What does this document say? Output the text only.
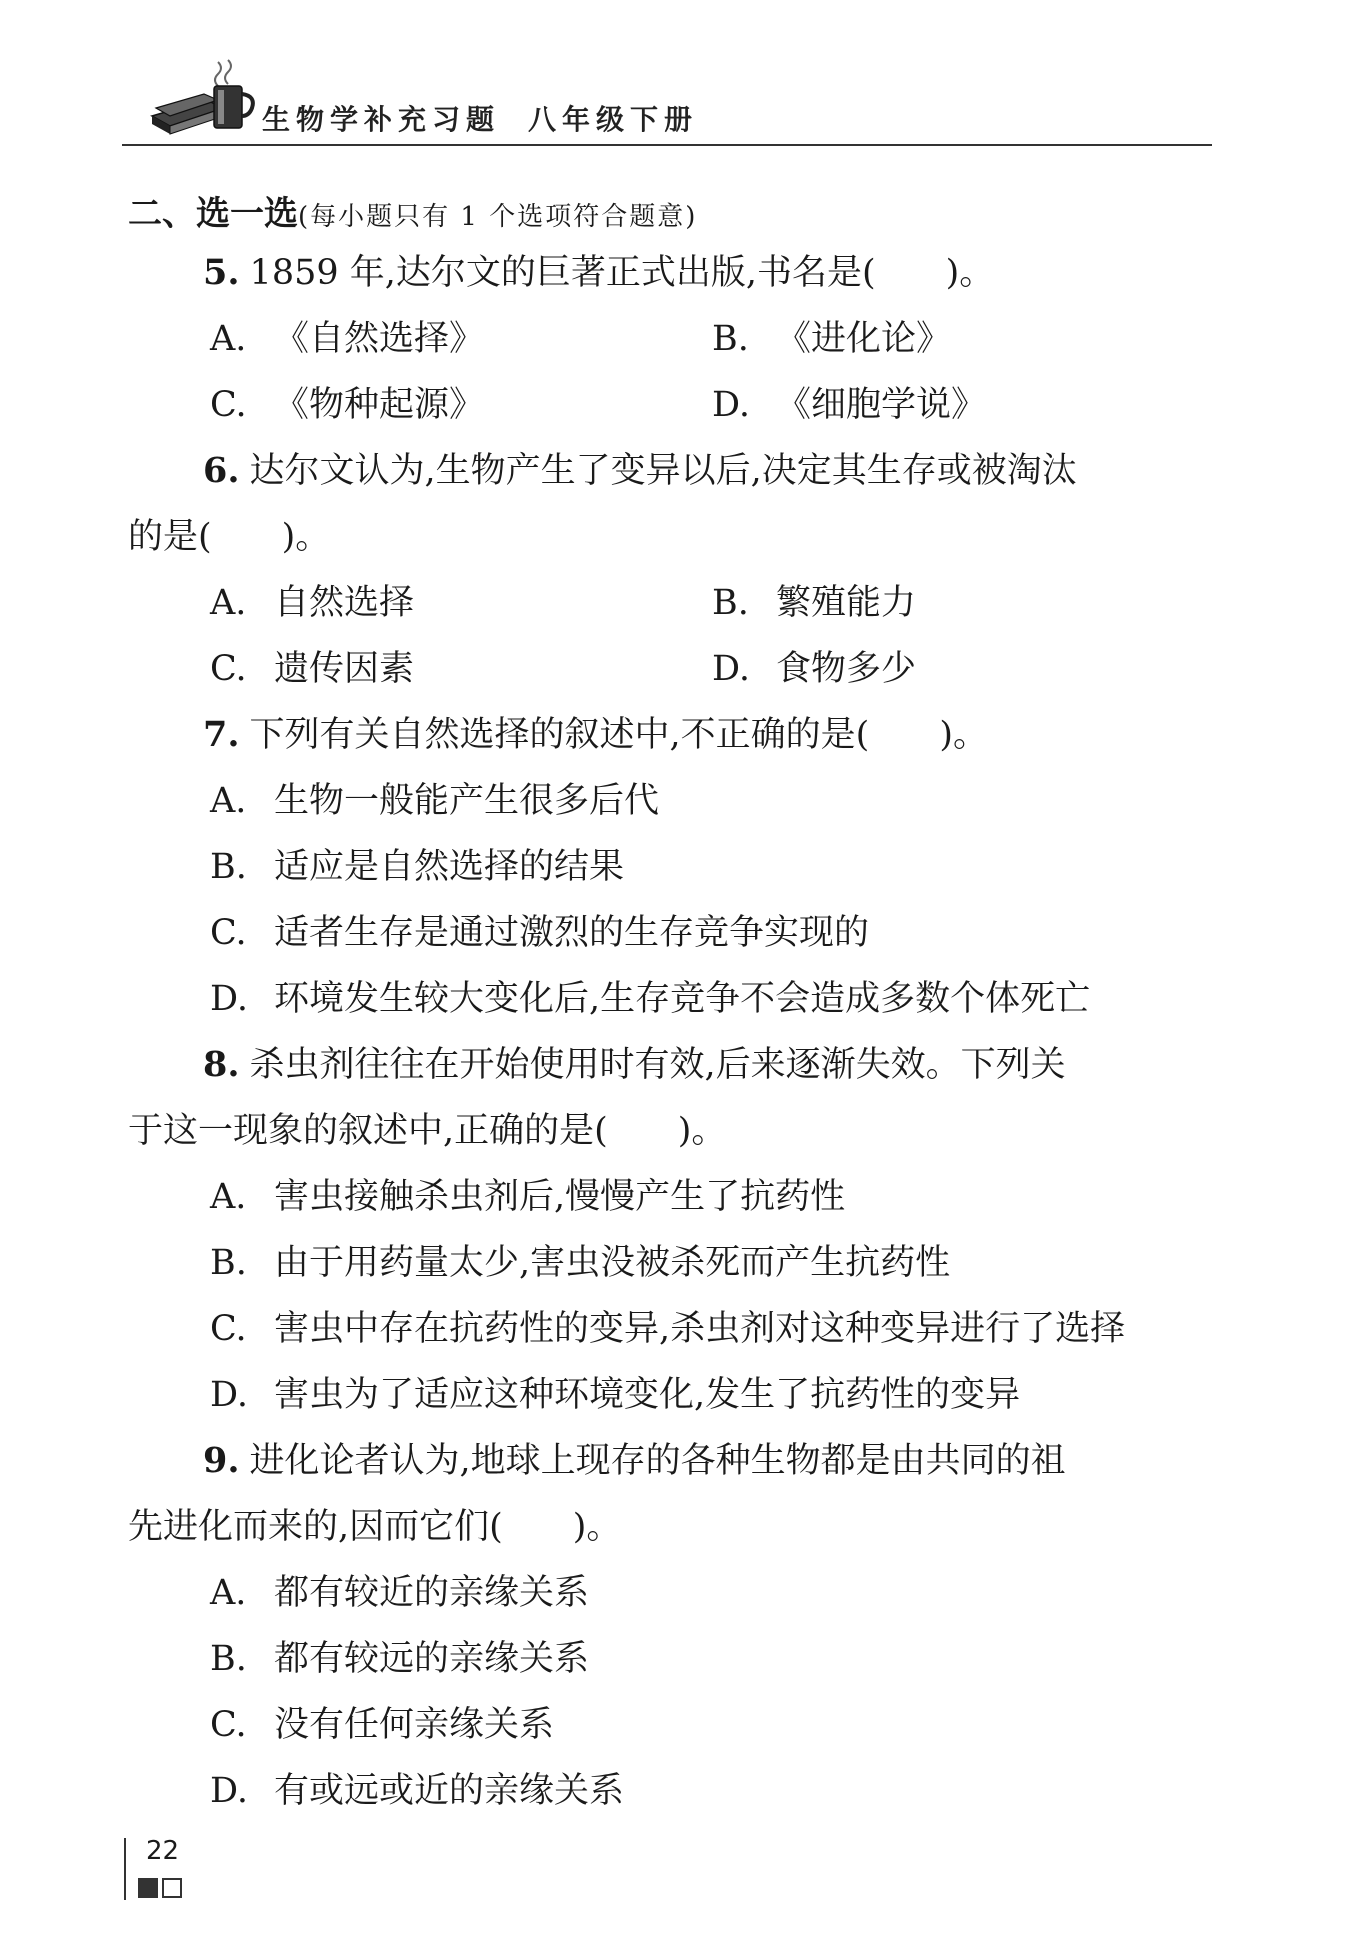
生物学补充习题 八年级下册
二、选一选(每小题只有 1 个选项符合题意)
5. 1859 年,达尔文的巨著正式出版,书名是(　　)。
A. 《自然选择》	B. 《进化论》
C. 《物种起源》	D. 《细胞学说》
6. 达尔文认为,生物产生了变异以后,决定其生存或被淘汰
的是(　　)。
A. 自然选择	B. 繁殖能力
C. 遗传因素	D. 食物多少
7. 下列有关自然选择的叙述中,不正确的是(　　)。
A. 生物一般能产生很多后代
B. 适应是自然选择的结果
C. 适者生存是通过激烈的生存竞争实现的
D. 环境发生较大变化后,生存竞争不会造成多数个体死亡
8. 杀虫剂往往在开始使用时有效,后来逐渐失效。下列关
于这一现象的叙述中,正确的是(　　)。
A. 害虫接触杀虫剂后,慢慢产生了抗药性
B. 由于用药量太少,害虫没被杀死而产生抗药性
C. 害虫中存在抗药性的变异,杀虫剂对这种变异进行了选择
D. 害虫为了适应这种环境变化,发生了抗药性的变异
9. 进化论者认为,地球上现存的各种生物都是由共同的祖
先进化而来的,因而它们(　　)。
A. 都有较近的亲缘关系
B. 都有较远的亲缘关系
C. 没有任何亲缘关系
D. 有或远或近的亲缘关系
22
